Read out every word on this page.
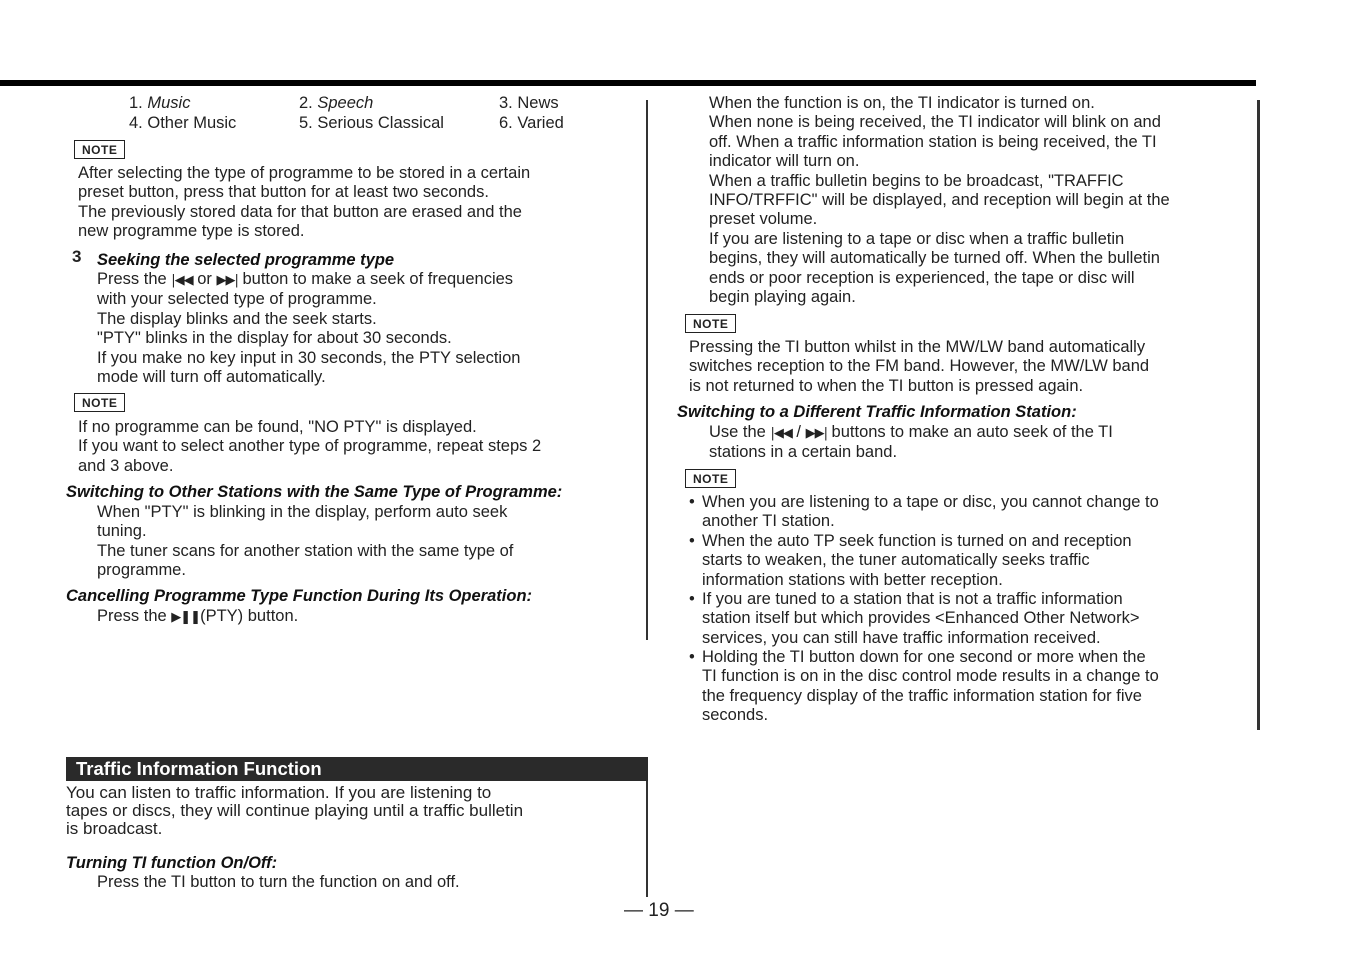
1. Music	2. Speech	3. News
4. Other Music	5. Serious Classical	6. Varied
NOTE
After selecting the type of programme to be stored in a certain
preset button, press that button for at least two seconds.
The previously stored data for that button are erased and the
new programme type is stored.
3 Seeking the selected programme type
Press the |◀◀ or ▶▶| button to make a seek of frequencies
with your selected type of programme.
The display blinks and the seek starts.
"PTY" blinks in the display for about 30 seconds.
If you make no key input in 30 seconds, the PTY selection
mode will turn off automatically.
NOTE
If no programme can be found, "NO PTY" is displayed.
If you want to select another type of programme, repeat steps 2
and 3 above.
Switching to Other Stations with the Same Type of Programme:
When "PTY" is blinking in the display, perform auto seek
tuning.
The tuner scans for another station with the same type of
programme.
Cancelling Programme Type Function During Its Operation:
Press the ▶❚❚(PTY) button.
Traffic Information Function
You can listen to traffic information. If you are listening to
tapes or discs, they will continue playing until a traffic bulletin
is broadcast.
Turning TI function On/Off:
Press the TI button to turn the function on and off.
When the function is on, the TI indicator is turned on.
When none is being received, the TI indicator will blink on and
off. When a traffic information station is being received, the TI
indicator will turn on.
When a traffic bulletin begins to be broadcast, "TRAFFIC
INFO/TRFFIC" will be displayed, and reception will begin at the
preset volume.
If you are listening to a tape or disc when a traffic bulletin
begins, they will automatically be turned off. When the bulletin
ends or poor reception is experienced, the tape or disc will
begin playing again.
NOTE
Pressing the TI button whilst in the MW/LW band automatically
switches reception to the FM band. However, the MW/LW band
is not returned to when the TI button is pressed again.
Switching to a Different Traffic Information Station:
Use the |◀◀ / ▶▶| buttons to make an auto seek of the TI
stations in a certain band.
NOTE
• When you are listening to a tape or disc, you cannot change to
another TI station.
• When the auto TP seek function is turned on and reception
starts to weaken, the tuner automatically seeks traffic
information stations with better reception.
• If you are tuned to a station that is not a traffic information
station itself but which provides <Enhanced Other Network>
services, you can still have traffic information received.
• Holding the TI button down for one second or more when the
TI function is on in the disc control mode results in a change to
the frequency display of the traffic information station for five
seconds.
— 19 —
